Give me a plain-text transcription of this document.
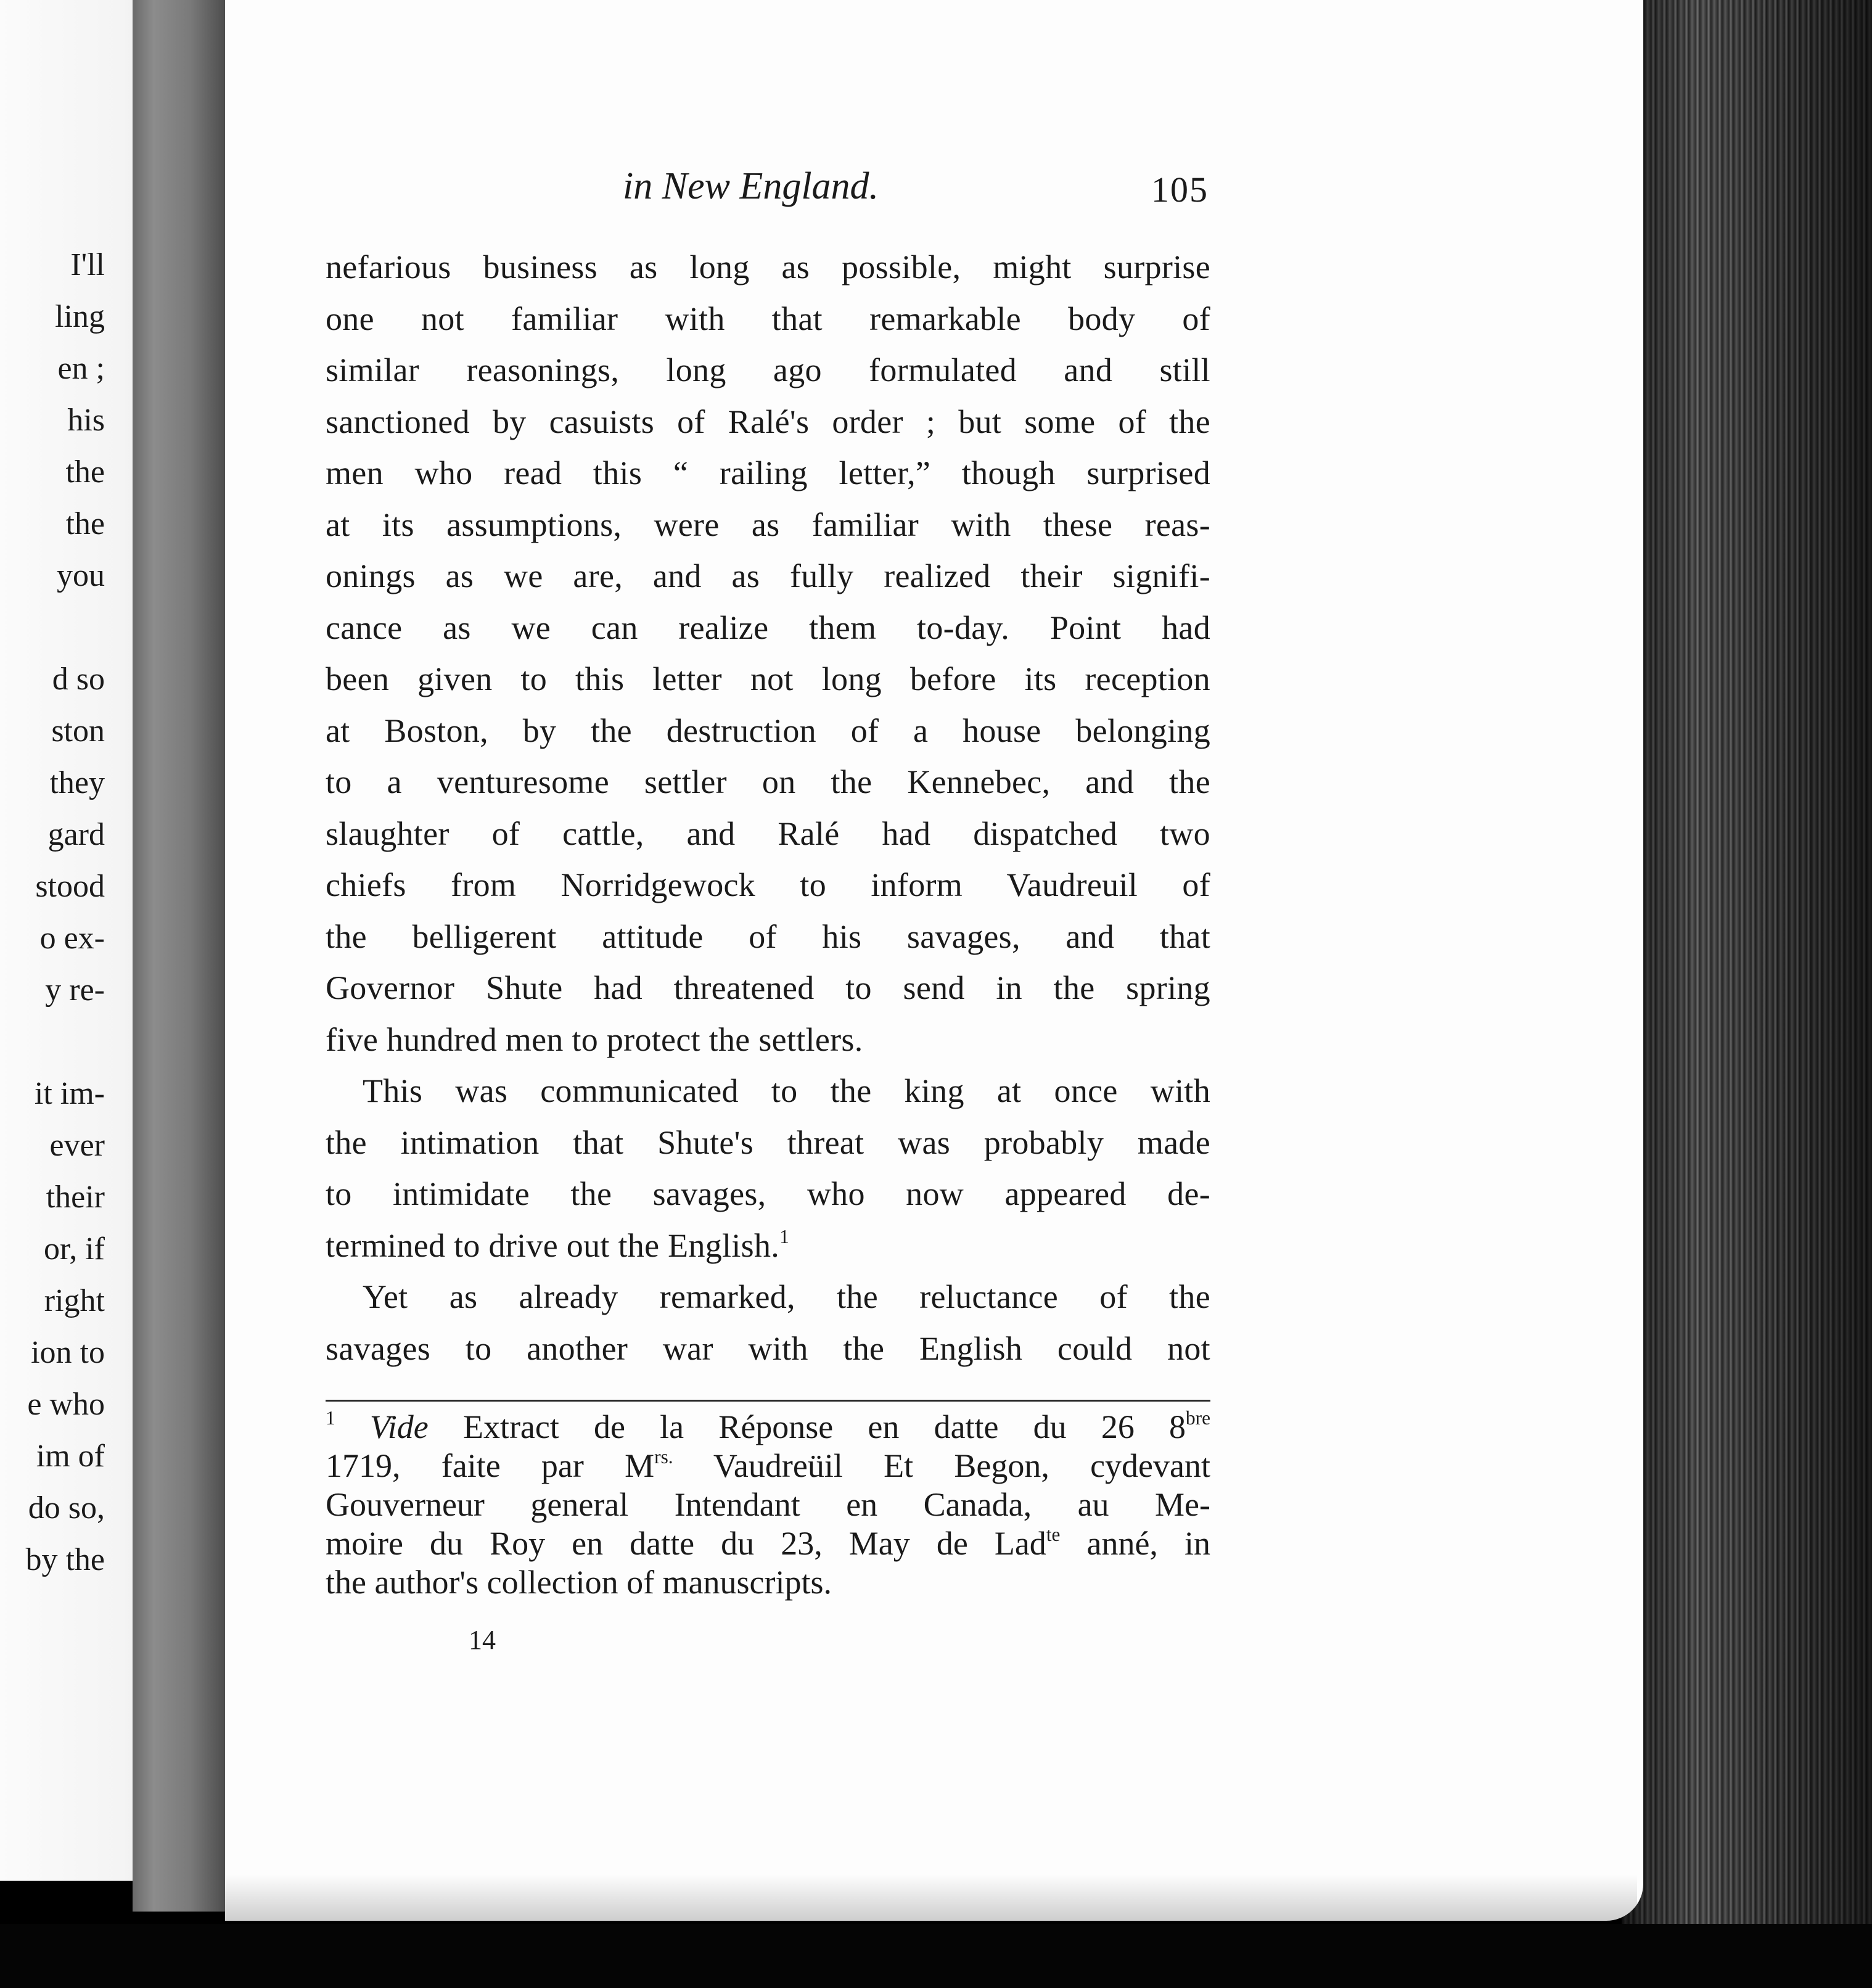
I'll
ling
en ;
his
the
the
you
d so
ston
they
gard
stood
o ex-
y re-
it im-
ever
their
or, if
right
ion to
e who
im of
do so,
by the
in New England.	105
nefarious business as long as possible, might surprise
one not familiar with that remarkable body of
similar reasonings, long ago formulated and still
sanctioned by casuists of Ralé's order ; but some of the
men who read this “ railing letter,” though surprised
at its assumptions, were as familiar with these reas-
onings as we are, and as fully realized their signifi-
cance as we can realize them to-day. Point had
been given to this letter not long before its reception
at Boston, by the destruction of a house belonging
to a venturesome settler on the Kennebec, and the
slaughter of cattle, and Ralé had dispatched two
chiefs from Norridgewock to inform Vaudreuil of
the belligerent attitude of his savages, and that
Governor Shute had threatened to send in the spring
five hundred men to protect the settlers.
This was communicated to the king at once with
the intimation that Shute's threat was probably made
to intimidate the savages, who now appeared de-
termined to drive out the English.$^1$
Yet as already remarked, the reluctance of the
savages to another war with the English could not
$^1$ Vide Extract de la Réponse en datte du 26 $8^{bre}$
1719, faite par $M^{rs.}$ Vaudreüil Et Begon, cydevant
Gouverneur general Intendant en Canada, au Me-
moire du Roy en datte du 23, May de Lad$^{te}$ anné, in
the author's collection of manuscripts.
14
